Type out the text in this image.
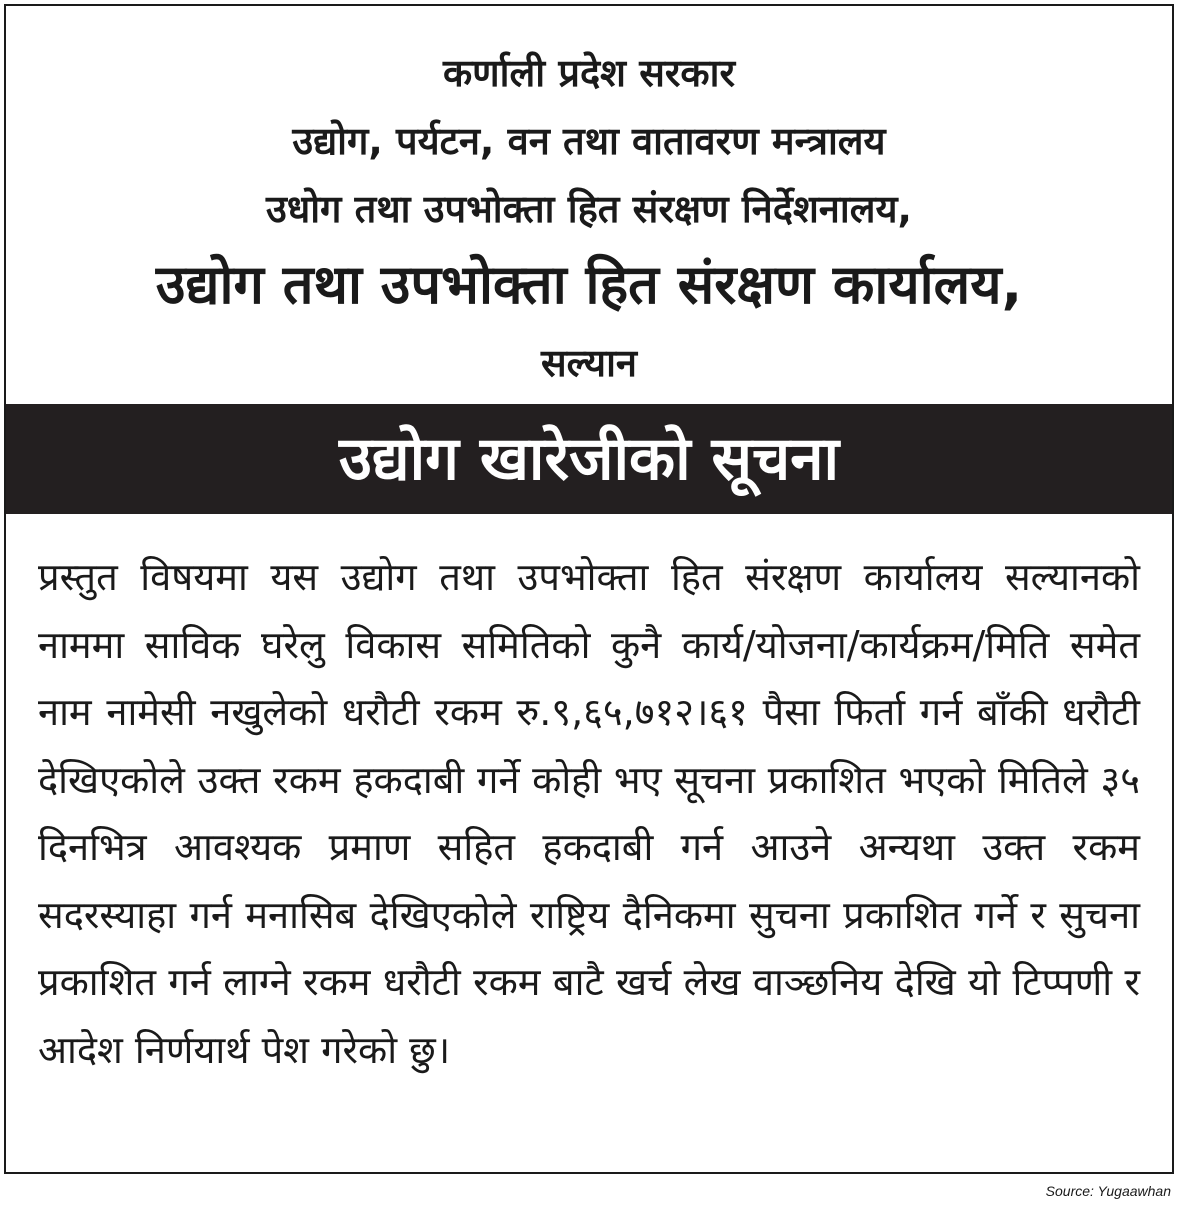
कर्णाली प्रदेश सरकार
उद्योग, पर्यटन, वन तथा वातावरण मन्त्रालय
उधोग तथा उपभोक्ता हित संरक्षण निर्देशनालय,
उद्योग तथा उपभोक्ता हित संरक्षण कार्यालय,
सल्यान
उद्योग खारेजीको सूचना

प्रस्तुत विषयमा यस उद्योग तथा उपभोक्ता हित संरक्षण कार्यालय सल्यानको नाममा साविक घरेलु विकास समितिको कुनै कार्य/योजना/कार्यक्रम/मिति समेत नाम नामेसी नखुलेको धरौटी रकम रु.९,६५,७१२।६१ पैसा फिर्ता गर्न बाँकी धरौटी देखिएकोले उक्त रकम हकदाबी गर्ने कोही भए सूचना प्रकाशित भएको मितिले ३५ दिनभित्र आवश्यक प्रमाण सहित हकदाबी गर्न आउने अन्यथा उक्त रकम सदरस्याहा गर्न मनासिब देखिएकोले राष्ट्रिय दैनिकमा सुचना प्रकाशित गर्ने र सुचना प्रकाशित गर्न लाग्ने रकम धरौटी रकम बाटै खर्च लेख वाञ्छनिय देखि यो टिप्पणी र आदेश निर्णयार्थ पेश गरेको छु।

Source: Yugaawhan
